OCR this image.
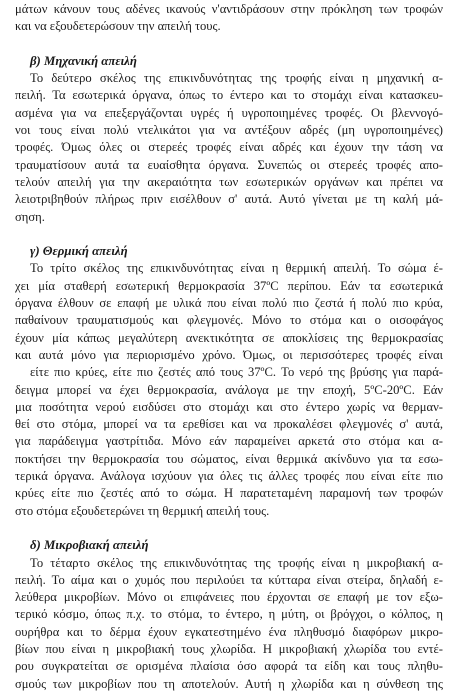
μάτων κάνουν τους αδένες ικανούς ν'αντιδράσουν στην πρόκληση των τροφών
και να εξουδετερώσουν την απειλή τους.
β) Μηχανική απειλή
Το δεύτερο σκέλος της επικινδυνότητας της τροφής είναι η μηχανική α-
πειλή. Τα εσωτερικά όργανα, όπως το έντερο και το στομάχι είναι κατασκευ-
ασμένα για να επεξεργάζονται υγρές ή υγροποιημένες τροφές. Οι βλεννογό-
νοι τους είναι πολύ ντελικάτοι για να αντέξουν αδρές (μη υγροποιημένες)
τροφές. Όμως όλες οι στερεές τροφές είναι αδρές και έχουν την τάση να
τραυματίσουν αυτά τα ευαίσθητα όργανα. Συνεπώς οι στερεές τροφές απο-
τελούν απειλή για την ακεραιότητα των εσωτερικών οργάνων και πρέπει να
λειοτριβηθούν πλήρως πριν εισέλθουν σ' αυτά. Αυτό γίνεται με τη καλή μά-
σηση.
γ) Θερμική απειλή
Το τρίτο σκέλος της επικινδυνότητας είναι η θερμική απειλή. Το σώμα έ-
χει μία σταθερή εσωτερική θερμοκρασία 37ºC περίπου. Εάν τα εσωτερικά
όργανα έλθουν σε επαφή με υλικά που είναι πολύ πιο ζεστά ή πολύ πιο κρύα,
παθαίνουν τραυματισμούς και φλεγμονές. Μόνο το στόμα και ο οισοφάγος
έχουν μία κάπως μεγαλύτερη ανεκτικότητα σε αποκλίσεις της θερμοκρασίας
και αυτά μόνο για περιορισμένο χρόνο. Όμως, οι περισσότερες τροφές είναι
είτε πιο κρύες, είτε πιο ζεστές από τους 37ºC. Το νερό της βρύσης για παρά-
δειγμα μπορεί να έχει θερμοκρασία, ανάλογα με την εποχή, 5ºC-20ºC. Εάν
μια ποσότητα νερού εισδύσει στο στομάχι και στο έντερο χωρίς να θερμαν-
θεί στο στόμα, μπορεί να τα ερεθίσει και να προκαλέσει φλεγμονές σ' αυτά,
για παράδειγμα γαστρίτιδα. Μόνο εάν παραμείνει αρκετά στο στόμα και α-
ποκτήσει την θερμοκρασία του σώματος, είναι θερμικά ακίνδυνο για τα εσω-
τερικά όργανα. Ανάλογα ισχύουν για όλες τις άλλες τροφές που είναι είτε πιο
κρύες είτε πιο ζεστές από το σώμα. Η παρατεταμένη παραμονή των τροφών
στο στόμα εξουδετερώνει τη θερμική απειλή τους.
δ) Μικροβιακή απειλή
Το τέταρτο σκέλος της επικινδυνότητας της τροφής είναι η μικροβιακή α-
πειλή. Το αίμα και ο χυμός που περιλούει τα κύτταρα είναι στείρα, δηλαδή ε-
λεύθερα μικροβίων. Μόνο οι επιφάνειες που έρχονται σε επαφή με τον εξω-
τερικό κόσμο, όπως π.χ. το στόμα, το έντερο, η μύτη, οι βρόγχοι, ο κόλπος, η
ουρήθρα και το δέρμα έχουν εγκατεστημένο ένα πληθυσμό διαφόρων μικρο-
βίων που είναι η μικροβιακή τους χλωρίδα. Η μικροβιακή χλωρίδα του εντέ-
ρου συγκρατείται σε ορισμένα πλαίσια όσο αφορά τα είδη και τους πληθυ-
σμούς των μικροβίων που τη αποτελούν. Αυτή η χλωρίδα και η σύνθεση της
